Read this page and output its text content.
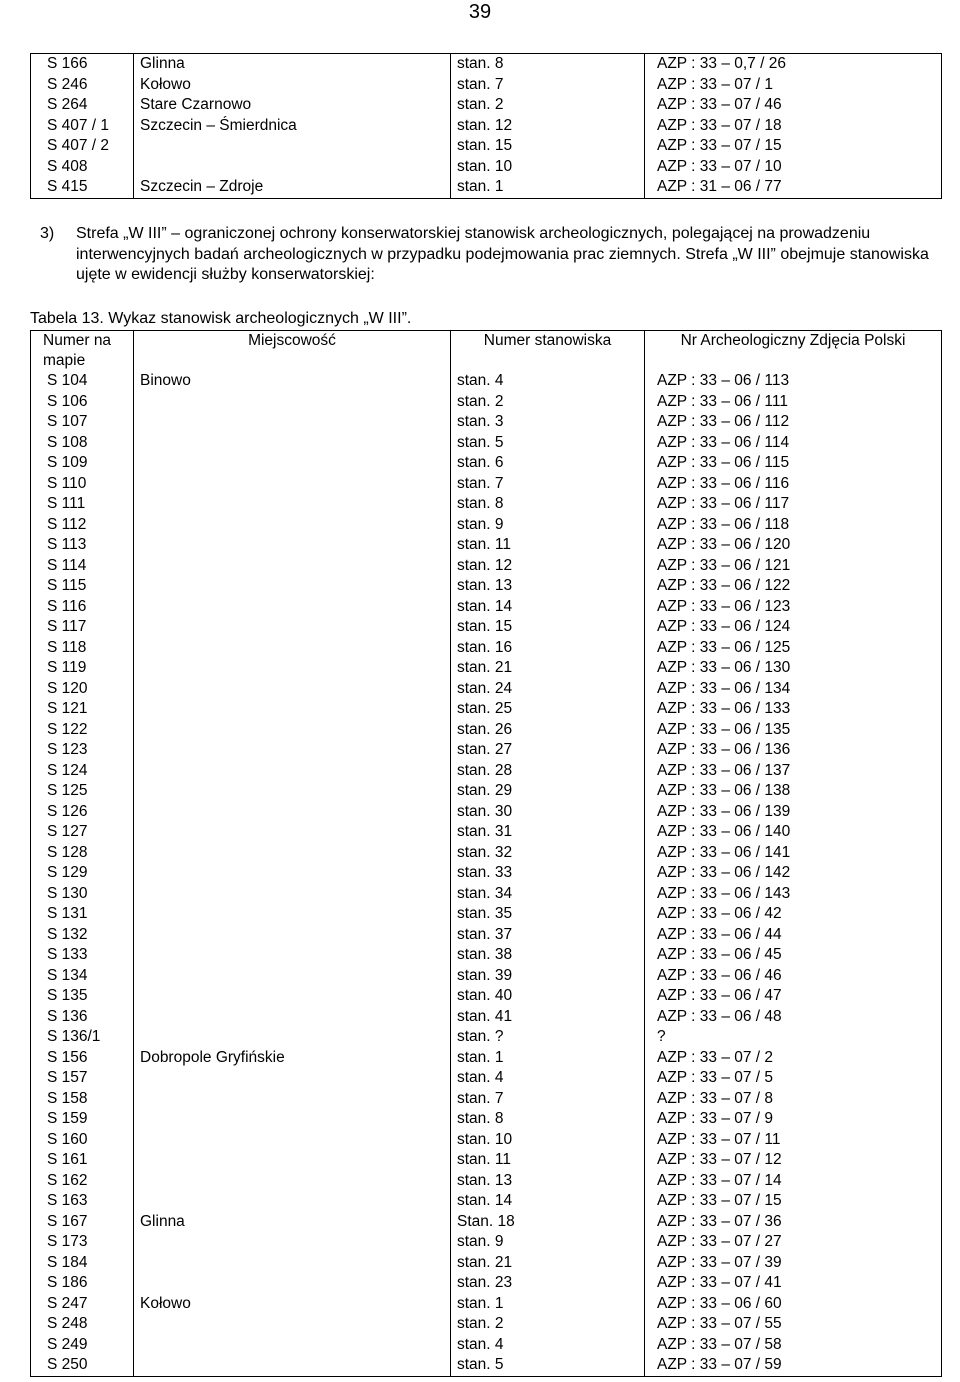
39
S 166	Glinna	stan. 8	AZP : 33 – 0,7 / 26
S 246	Kołowo	stan. 7	AZP : 33 – 07 / 1
S 264	Stare Czarnowo	stan. 2	AZP : 33 – 07 / 46
S 407 / 1	Szczecin – Śmierdnica	stan. 12	AZP : 33 – 07 / 18
S 407 / 2		stan. 15	AZP : 33 – 07 / 15
S 408		stan. 10	AZP : 33 – 07 / 10
S 415	Szczecin – Zdroje	stan. 1	AZP : 31 – 06 / 77
3) Strefa „W III” – ograniczonej ochrony konserwatorskiej stanowisk archeologicznych, polegającej na prowadzeniu interwencyjnych badań archeologicznych w przypadku podejmowania prac ziemnych. Strefa „W III” obejmuje stanowiska ujęte w ewidencji służby konserwatorskiej:
Tabela 13. Wykaz stanowisk archeologicznych „W III”.
Numer na mapie	Miejscowość	Numer stanowiska	Nr Archeologiczny Zdjęcia Polski
S 104	Binowo	stan. 4	AZP : 33 – 06 / 113
S 106		stan. 2	AZP : 33 – 06 / 111
S 107		stan. 3	AZP : 33 – 06 / 112
S 108		stan. 5	AZP : 33 – 06 / 114
S 109		stan. 6	AZP : 33 – 06 / 115
S 110		stan. 7	AZP : 33 – 06 / 116
S 111		stan. 8	AZP : 33 – 06 / 117
S 112		stan. 9	AZP : 33 – 06 / 118
S 113		stan. 11	AZP : 33 – 06 / 120
S 114		stan. 12	AZP : 33 – 06 / 121
S 115		stan. 13	AZP : 33 – 06 / 122
S 116		stan. 14	AZP : 33 – 06 / 123
S 117		stan. 15	AZP : 33 – 06 / 124
S 118		stan. 16	AZP : 33 – 06 / 125
S 119		stan. 21	AZP : 33 – 06 / 130
S 120		stan. 24	AZP : 33 – 06 / 134
S 121		stan. 25	AZP : 33 – 06 / 133
S 122		stan. 26	AZP : 33 – 06 / 135
S 123		stan. 27	AZP : 33 – 06 / 136
S 124		stan. 28	AZP : 33 – 06 / 137
S 125		stan. 29	AZP : 33 – 06 / 138
S 126		stan. 30	AZP : 33 – 06 / 139
S 127		stan. 31	AZP : 33 – 06 / 140
S 128		stan. 32	AZP : 33 – 06 / 141
S 129		stan. 33	AZP : 33 – 06 / 142
S 130		stan. 34	AZP : 33 – 06 / 143
S 131		stan. 35	AZP : 33 – 06 / 42
S 132		stan. 37	AZP : 33 – 06 / 44
S 133		stan. 38	AZP : 33 – 06 / 45
S 134		stan. 39	AZP : 33 – 06 / 46
S 135		stan. 40	AZP : 33 – 06 / 47
S 136		stan. 41	AZP : 33 – 06 / 48
S 136/1		stan. ?	?
S 156	Dobropole Gryfińskie	stan. 1	AZP : 33 – 07 / 2
S 157		stan. 4	AZP : 33 – 07 / 5
S 158		stan. 7	AZP : 33 – 07 / 8
S 159		stan. 8	AZP : 33 – 07 / 9
S 160		stan. 10	AZP : 33 – 07 / 11
S 161		stan. 11	AZP : 33 – 07 / 12
S 162		stan. 13	AZP : 33 – 07 / 14
S 163		stan. 14	AZP : 33 – 07 / 15
S 167	Glinna	Stan. 18	AZP : 33 – 07 / 36
S 173		stan. 9	AZP : 33 – 07 / 27
S 184		stan. 21	AZP : 33 – 07 / 39
S 186		stan. 23	AZP : 33 – 07 / 41
S 247	Kołowo	stan. 1	AZP : 33 – 06 / 60
S 248		stan. 2	AZP : 33 – 07 / 55
S 249		stan. 4	AZP : 33 – 07 / 58
S 250		stan. 5	AZP : 33 – 07 / 59
